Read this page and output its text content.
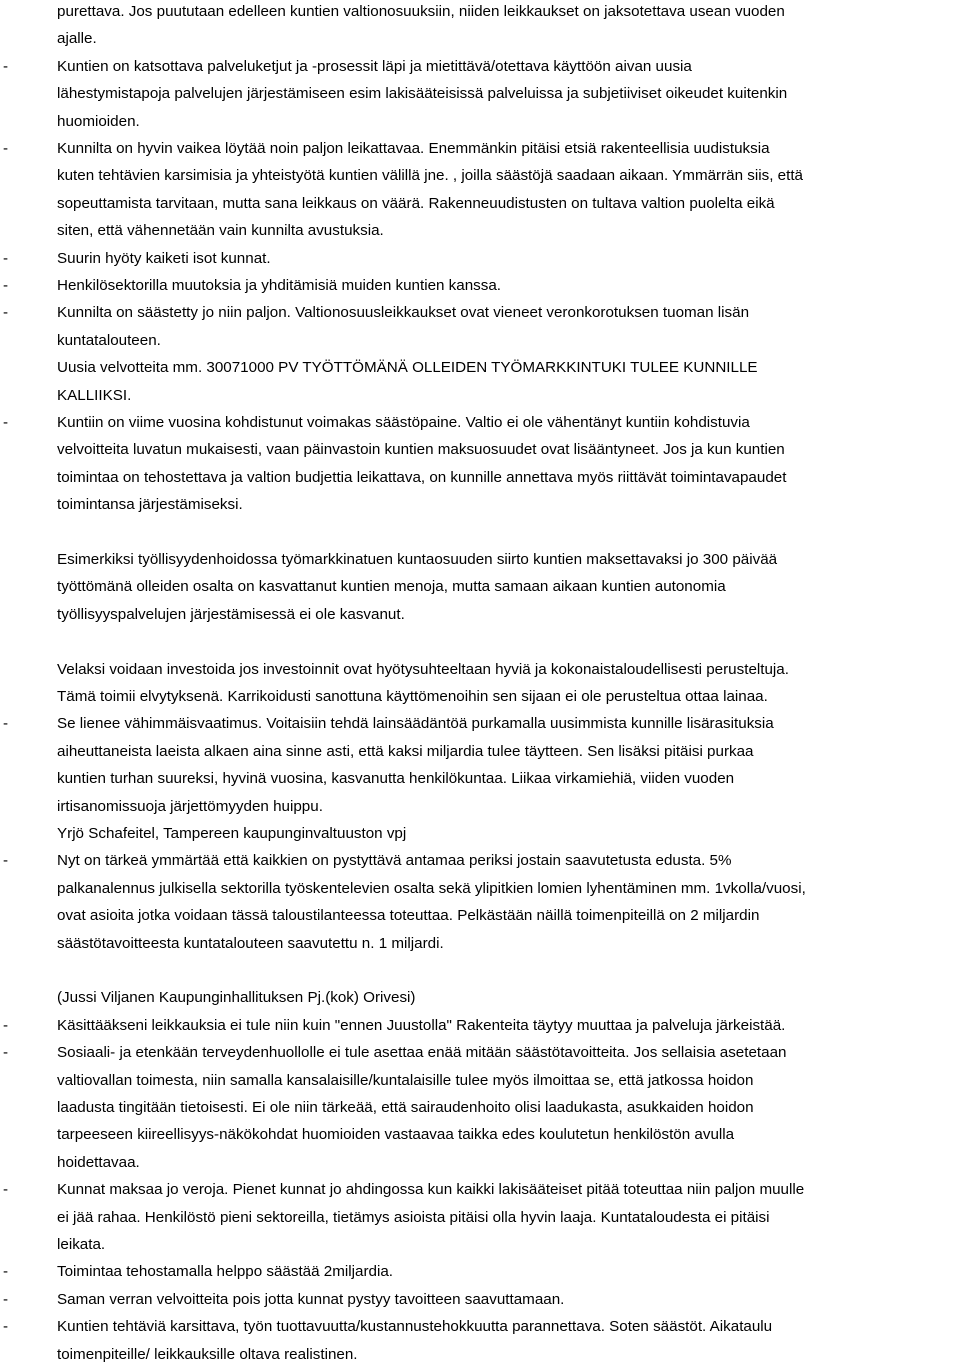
purettava. Jos puututaan edelleen kuntien valtionosuuksiin, niiden leikkaukset on jaksotettava usean vuoden
ajalle.
-	Kuntien on katsottava palveluketjut ja -prosessit läpi ja mietittävä/otettava käyttöön aivan uusia
lähestymistapoja palvelujen järjestämiseen esim lakisääteisissä palveluissa ja subjetiiviset oikeudet kuitenkin
huomioiden.
-	Kunnilta on hyvin vaikea löytää noin paljon leikattavaa. Enemmänkin pitäisi etsiä rakenteellisia uudistuksia
kuten tehtävien karsimisia ja yhteistyötä kuntien välillä jne. , joilla säästöjä saadaan aikaan. Ymmärrän siis, että
sopeuttamista tarvitaan, mutta sana leikkaus on väärä. Rakenneuudistusten on tultava valtion puolelta eikä
siten, että vähennetään vain kunnilta avustuksia.
-	Suurin hyöty kaiketi isot kunnat.
-	Henkilösektorilla muutoksia ja yhditämisiä muiden kuntien kanssa.
-	Kunnilta on säästetty jo niin paljon. Valtionosuusleikkaukset ovat vieneet veronkorotuksen tuoman lisän
kuntatalouteen.
Uusia velvotteita mm. 30071000 PV TYÖTTÖMÄNÄ OLLEIDEN TYÖMARKKINTUKI TULEE KUNNILLE
KALLIIKSI.
-	Kuntiin on viime vuosina kohdistunut voimakas säästöpaine. Valtio ei ole vähentänyt kuntiin kohdistuvia
velvoitteita luvatun mukaisesti, vaan päinvastoin kuntien maksuosuudet ovat lisääntyneet. Jos ja kun kuntien
toimintaa on tehostettava ja valtion budjettia leikattava, on kunnille annettava myös riittävät toimintavapaudet
toimintansa järjestämiseksi.
Esimerkiksi työllisyydenhoidossa työmarkkinatuen kuntaosuuden siirto kuntien maksettavaksi jo 300 päivää
työttömänä olleiden osalta on kasvattanut kuntien menoja, mutta samaan aikaan kuntien autonomia
työllisyyspalvelujen järjestämisessä ei ole kasvanut.
Velaksi voidaan investoida jos investoinnit ovat hyötysuhteeltaan hyviä ja kokonaistaloudellisesti perusteltuja.
Tämä toimii elvytyksenä. Karrikoidusti sanottuna käyttömenoihin sen sijaan ei ole perusteltua ottaa lainaa.
-	Se lienee vähimmäisvaatimus. Voitaisiin tehdä lainsäädäntöä purkamalla uusimmista kunnille lisärasituksia
aiheuttaneista laeista alkaen aina sinne asti, että kaksi miljardia tulee täytteen. Sen lisäksi pitäisi purkaa
kuntien turhan suureksi, hyvinä vuosina, kasvanutta henkilökuntaa. Liikaa virkamiehiä, viiden vuoden
irtisanomissuoja järjettömyyden huippu.
Yrjö Schafeitel, Tampereen kaupunginvaltuuston vpj
-	Nyt on tärkeä ymmärtää että kaikkien on pystyttävä antamaa periksi jostain saavutetusta edusta. 5%
palkanalennus julkisella sektorilla työskentelevien osalta sekä ylipitkien lomien lyhentäminen mm. 1vkolla/vuosi,
ovat asioita jotka voidaan tässä taloustilanteessa toteuttaa. Pelkästään näillä toimenpiteillä on 2 miljardin
säästötavoitteesta kuntatalouteen saavutettu n. 1 miljardi.
(Jussi Viljanen Kaupunginhallituksen Pj.(kok) Orivesi)
-	Käsittääkseni leikkauksia ei tule niin kuin "ennen Juustolla" Rakenteita täytyy muuttaa ja palveluja järkeistää.
-	Sosiaali- ja etenkään terveydenhuollolle ei tule asettaa enää mitään säästötavoitteita. Jos sellaisia asetetaan
valtiovallan toimesta, niin samalla kansalaisille/kuntalaisille tulee myös ilmoittaa se, että jatkossa hoidon
laadusta tingitään tietoisesti. Ei ole niin tärkeää, että sairaudenhoito olisi laadukasta, asukkaiden hoidon
tarpeeseen kiireellisyys-näkökohdat huomioiden vastaavaa taikka edes koulutetun henkilöstön avulla
hoidettavaa.
-	Kunnat maksaa jo veroja. Pienet kunnat jo ahdingossa kun kaikki lakisääteiset pitää toteuttaa niin paljon muulle
ei jää rahaa. Henkilöstö pieni sektoreilla, tietämys asioista pitäisi olla hyvin laaja. Kuntataloudesta ei pitäisi
leikata.
-	Toimintaa tehostamalla helppo säästää 2miljardia.
-	Saman verran velvoitteita pois jotta kunnat pystyy tavoitteen saavuttamaan.
-	Kuntien tehtäviä karsittava, työn tuottavuutta/kustannustehokkuutta parannettava. Soten säästöt. Aikataulu
toimenpiteille/ leikkauksille oltava realistinen.
